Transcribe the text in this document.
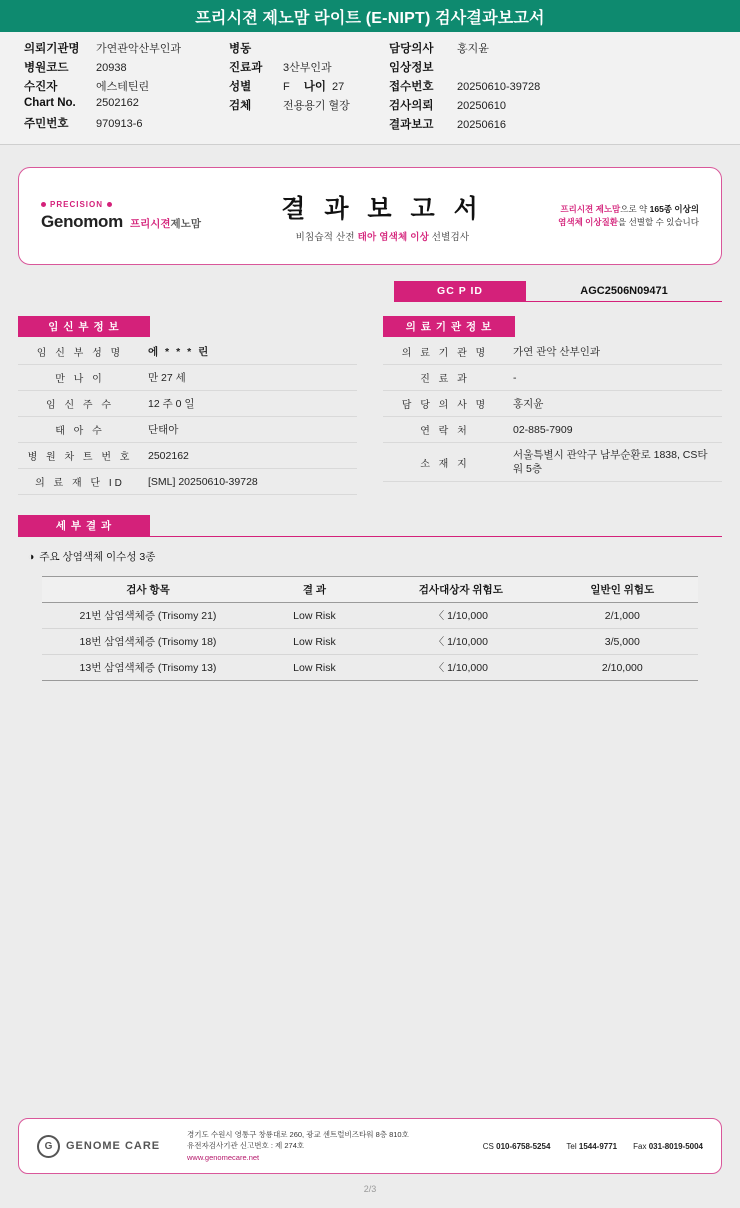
프리시젼 제노맘 라이트 (E-NIPT) 검사결과보고서
의뢰기관명	가연관악산부인과
병원코드	20938
수진자	에스테틴린
Chart No.	2502162
주민번호	970913-6
병동
진료과	3산부인과
성별	F 나이 27
검체	전용용기 혈장
담당의사	홍지윤
임상정보
접수번호	20250610-39728
검사의뢰	20250610
결과보고	20250616
PRECISION
Genomom 프리시젼제노맘
결 과 보 고 서
비침습적 산전 태아 염색체 이상 선별검사
프리시젼 제노맘으로 약 165종 이상의
염색체 이상질환을 선별할 수 있습니다
GC P ID	AGC2506N09471
임 신 부 정 보
임 신 부 성 명	에 * * * 린
만 나 이	만 27 세
임 신 주 수	12 주 0 일
태 아 수	단태아
병 원 차 트 번 호	2502162
의 료 재 단 ID	[SML] 20250610-39728
의 료 기 관 정 보
의 료 기 관 명	가연 관악 산부인과
진 료 과	-
담 당 의 사 명	홍지윤
연 락 처	02-885-7909
소 재 지	서울특별시 관악구 남부순환로 1838, CS타워 5층
세 부 결 과
◑ 주요 상염색체 이수성 3종
검사 항목	결 과	검사대상자 위험도	일반인 위험도
21번 삼염색체증 (Trisomy 21)	Low Risk	〈 1/10,000	2/1,000
18번 삼염색체증 (Trisomy 18)	Low Risk	〈 1/10,000	3/5,000
13번 삼염색체증 (Trisomy 13)	Low Risk	〈 1/10,000	2/10,000
G	GENOME CARE
경기도 수원시 영통구 창룡대로 260, 광교 센트럴비즈타워 8층 810호
유전자검사기관 신고번호 : 제 274호
www.genomecare.net
CS 010-6758-5254 Tel 1544-9771 Fax 031-8019-5004
2/3
